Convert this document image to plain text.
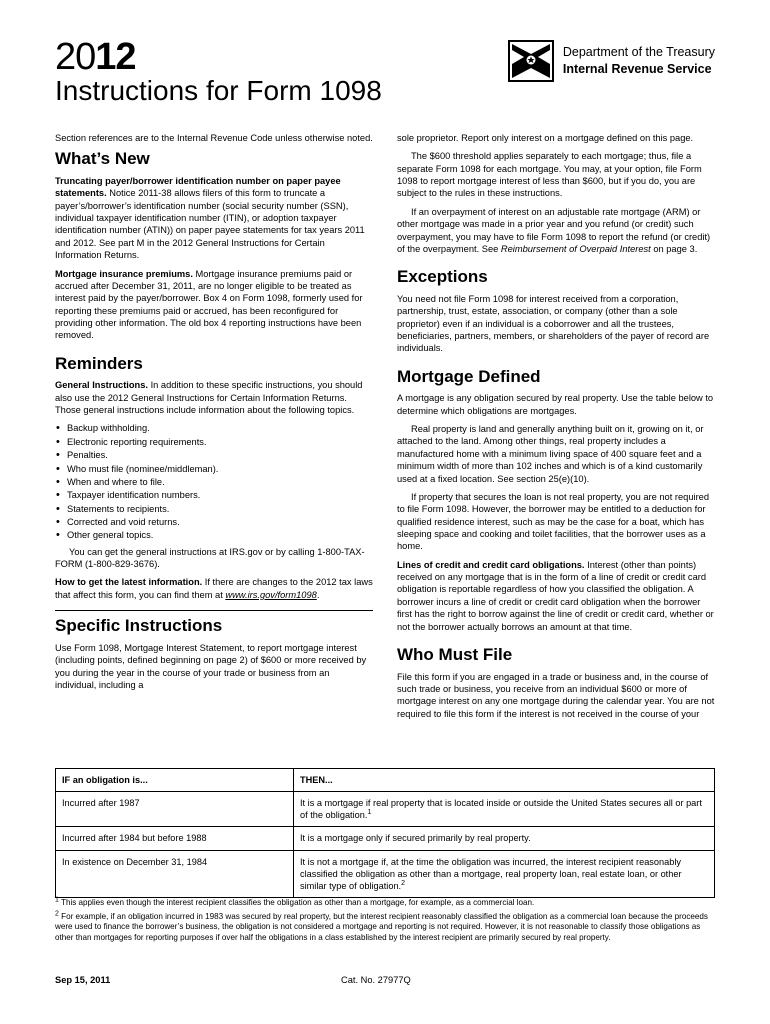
2012
Instructions for Form 1098
Department of the Treasury
Internal Revenue Service

Section references are to the Internal Revenue Code unless otherwise noted.

What’s New

Truncating payer/borrower identification number on paper payee statements. Notice 2011-38 allows filers of this form to truncate a payer’s/borrower’s identification number (social security number (SSN), individual taxpayer identification number (ITIN), or adoption taxpayer identification number (ATIN)) on paper payee statements for tax years 2011 and 2012. See part M in the 2012 General Instructions for Certain Information Returns.

Mortgage insurance premiums. Mortgage insurance premiums paid or accrued after December 31, 2011, are no longer eligible to be treated as interest paid by the payer/borrower. Box 4 on Form 1098, formerly used for reporting these premiums paid or accrued, has been reconfigured for providing other information. The old box 4 reporting instructions have been removed.

Reminders

General Instructions. In addition to these specific instructions, you should also use the 2012 General Instructions for Certain Information Returns. Those general instructions include information about the following topics.

• Backup withholding.
• Electronic reporting requirements.
• Penalties.
• Who must file (nominee/middleman).
• When and where to file.
• Taxpayer identification numbers.
• Statements to recipients.
• Corrected and void returns.
• Other general topics.

You can get the general instructions at IRS.gov or by calling 1-800-TAX-FORM (1-800-829-3676).

How to get the latest information. If there are changes to the 2012 tax laws that affect this form, you can find them at www.irs.gov/form1098.

Specific Instructions

Use Form 1098, Mortgage Interest Statement, to report mortgage interest (including points, defined beginning on page 2) of $600 or more received by you during the year in the course of your trade or business from an individual, including a

sole proprietor. Report only interest on a mortgage defined on this page.

The $600 threshold applies separately to each mortgage; thus, file a separate Form 1098 for each mortgage. You may, at your option, file Form 1098 to report mortgage interest of less than $600, but if you do, you are subject to the rules in these instructions.

If an overpayment of interest on an adjustable rate mortgage (ARM) or other mortgage was made in a prior year and you refund (or credit) such overpayment, you may have to file Form 1098 to report the refund (or credit) of the overpayment. See Reimbursement of Overpaid Interest on page 3.

Exceptions

You need not file Form 1098 for interest received from a corporation, partnership, trust, estate, association, or company (other than a sole proprietor) even if an individual is a coborrower and all the trustees, beneficiaries, partners, members, or shareholders of the payer of record are individuals.

Mortgage Defined

A mortgage is any obligation secured by real property. Use the table below to determine which obligations are mortgages.

Real property is land and generally anything built on it, growing on it, or attached to the land. Among other things, real property includes a manufactured home with a minimum living space of 400 square feet and a minimum width of more than 102 inches and which is of a kind customarily used at a fixed location. See section 25(e)(10).

If property that secures the loan is not real property, you are not required to file Form 1098. However, the borrower may be entitled to a deduction for qualified residence interest, such as may be the case for a boat, which has sleeping space and cooking and toilet facilities, that the borrower uses as a home.

Lines of credit and credit card obligations. Interest (other than points) received on any mortgage that is in the form of a line of credit or credit card obligation is reportable regardless of how you classified the obligation. A borrower incurs a line of credit or credit card obligation when the borrower first has the right to borrow against the line of credit or credit card, whether or not the borrower actually borrows an amount at that time.

Who Must File

File this form if you are engaged in a trade or business and, in the course of such trade or business, you receive from an individual $600 or more of mortgage interest on any one mortgage during the calendar year. You are not required to file this form if the interest is not received in the course of your

IF an obligation is...	THEN...
Incurred after 1987	It is a mortgage if real property that is located inside or outside the United States secures all or part of the obligation.$^1$
Incurred after 1984 but before 1988	It is a mortgage only if secured primarily by real property.
In existence on December 31, 1984	It is not a mortgage if, at the time the obligation was incurred, the interest recipient reasonably classified the obligation as other than a mortgage, real property loan, real estate loan, or other similar type of obligation.$^2$

$^1$ This applies even though the interest recipient classifies the obligation as other than a mortgage, for example, as a commercial loan.

$^2$ For example, if an obligation incurred in 1983 was secured by real property, but the interest recipient reasonably classified the obligation as a commercial loan because the proceeds were used to finance the borrower’s business, the obligation is not considered a mortgage and reporting is not required. However, it is not reasonable to classify those obligations as other than mortgages for reporting purposes if over half the obligations in a class established by the interest recipient are primarily secured by real property.

Sep 15, 2011	Cat. No. 27977Q
